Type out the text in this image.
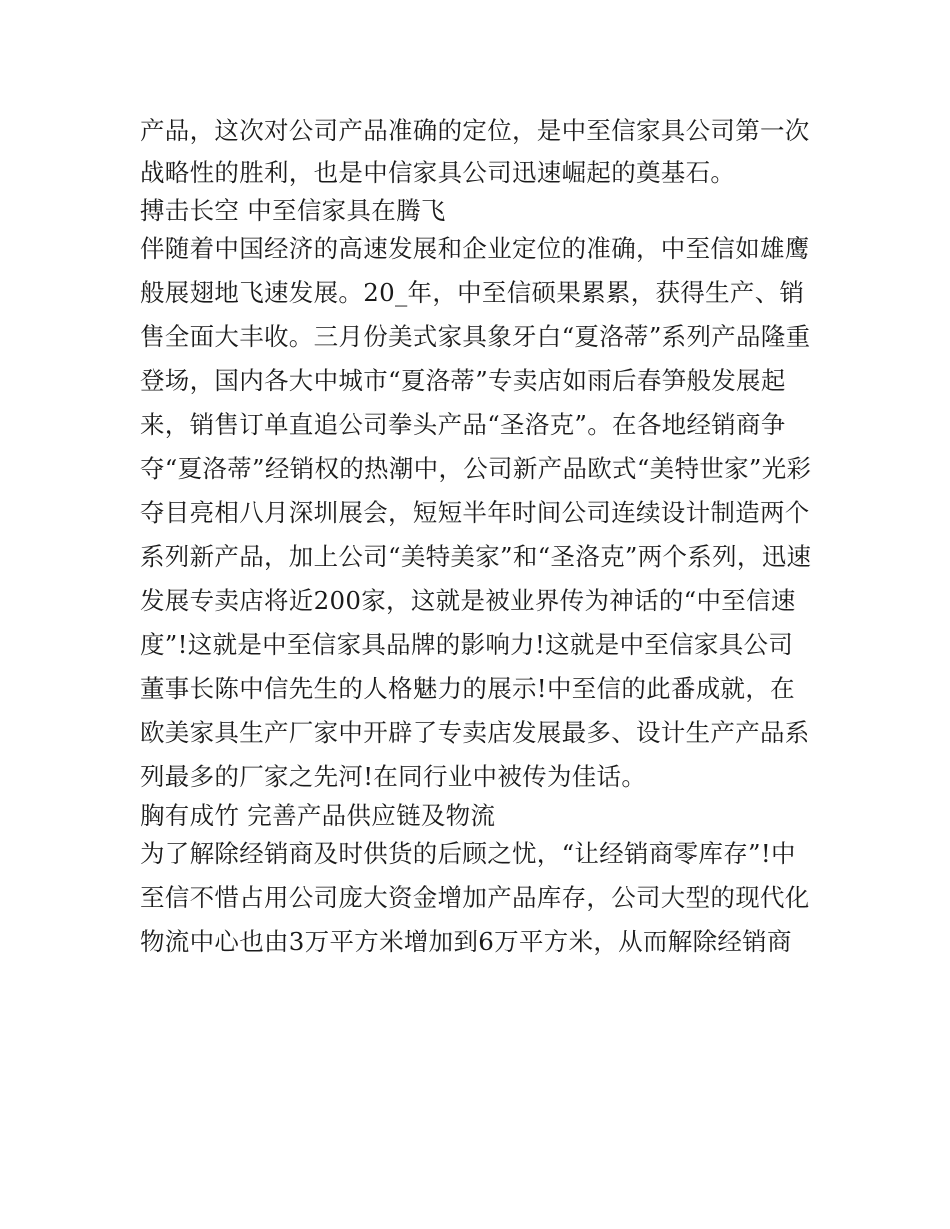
产品，这次对公司产品准确的定位，是中至信家具公司第一次
战略性的胜利，也是中信家具公司迅速崛起的奠基石。
搏击长空 中至信家具在腾飞
伴随着中国经济的高速发展和企业定位的准确，中至信如雄鹰
般展翅地飞速发展。20_年，中至信硕果累累，获得生产、销
售全面大丰收。三月份美式家具象牙白“夏洛蒂”系列产品隆重
登场，国内各大中城市“夏洛蒂”专卖店如雨后春笋般发展起
来，销售订单直追公司拳头产品“圣洛克”。在各地经销商争
夺“夏洛蒂”经销权的热潮中，公司新产品欧式“美特世家”光彩
夺目亮相八月深圳展会，短短半年时间公司连续设计制造两个
系列新产品，加上公司“美特美家”和“圣洛克”两个系列，迅速
发展专卖店将近200家，这就是被业界传为神话的“中至信速
度”!这就是中至信家具品牌的影响力!这就是中至信家具公司
董事长陈中信先生的人格魅力的展示!中至信的此番成就，在
欧美家具生产厂家中开辟了专卖店发展最多、设计生产产品系
列最多的厂家之先河!在同行业中被传为佳话。
胸有成竹 完善产品供应链及物流
为了解除经销商及时供货的后顾之忧，“让经销商零库存”!中
至信不惜占用公司庞大资金增加产品库存，公司大型的现代化
物流中心也由3万平方米增加到6万平方米，从而解除经销商
